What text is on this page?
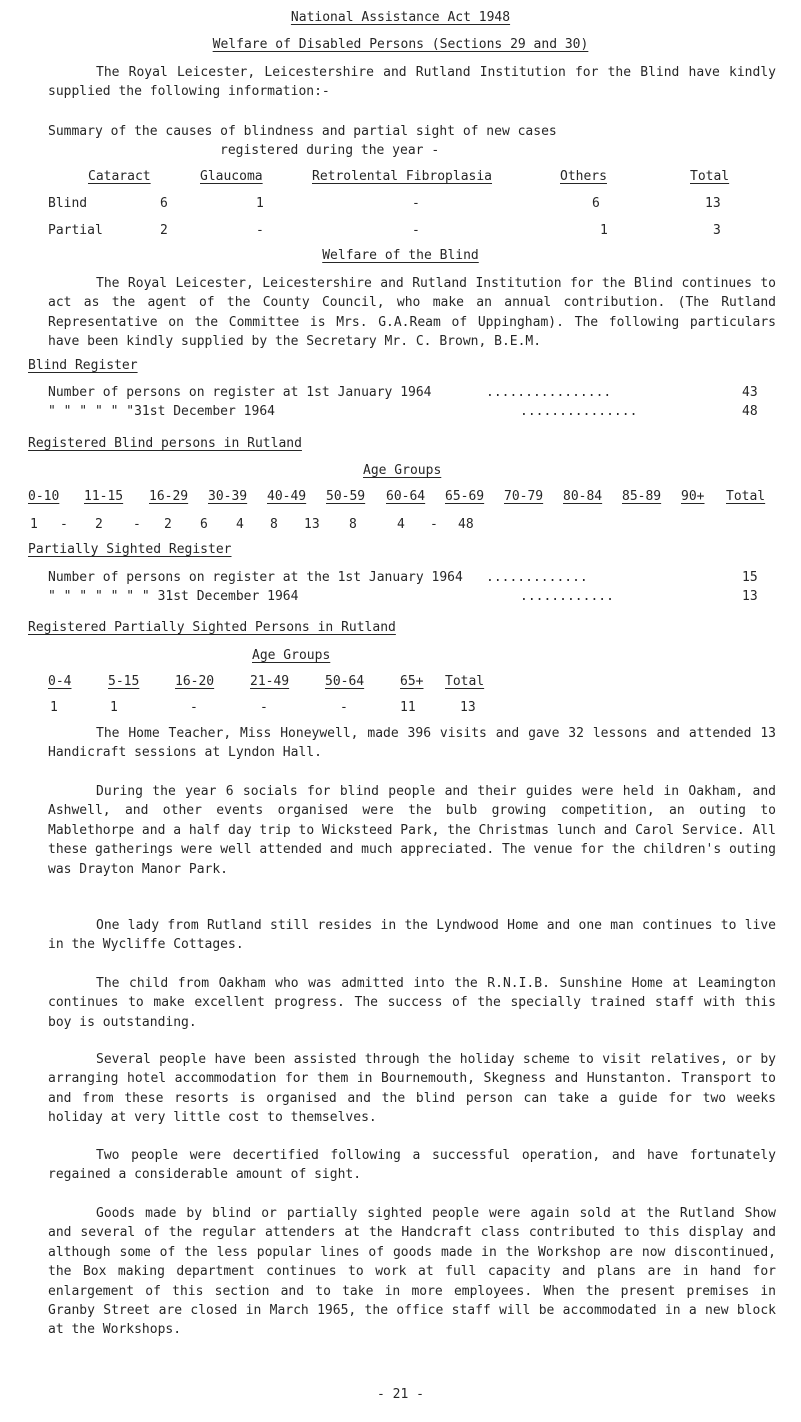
National Assistance Act 1948
Welfare of Disabled Persons (Sections 29 and 30)
The Royal Leicester, Leicestershire and Rutland Institution for the Blind have kindly supplied the following information:-
Summary of the causes of blindness and partial sight of new cases
registered during the year -
Cataract	Glaucoma	Retrolental Fibroplasia	Others	Total
Blind	6	1	-	6	13
Partial	2	-	-	1	3
Welfare of the Blind
The Royal Leicester, Leicestershire and Rutland Institution for the Blind continues to act as the agent of the County Council, who make an annual contribution. (The Rutland Representative on the Committee is Mrs. G.A.Ream of Uppingham). The following particulars have been kindly supplied by the Secretary Mr. C. Brown, B.E.M.
Blind Register
Number of persons on register at 1st January 1964	................	43
" " " " " "31st December 1964	...............	48
Registered Blind persons in Rutland
Age Groups
0-10 11-15 16-29 30-39 40-49 50-59 60-64 65-69 70-79 80-84 85-89 90+ Total
1 - 2 - 2 6 4 8 13 8	4 - 48
Partially Sighted Register
Number of persons on register at the 1st January 1964 .............	15
" " " " " " " 31st December 1964	............	13
Registered Partially Sighted Persons in Rutland
Age Groups
0-4	5-15	16-20	21-49	50-64	65+ Total
1	1	-	-	-	11	13
The Home Teacher, Miss Honeywell, made 396 visits and gave 32 lessons and attended 13 Handicraft sessions at Lyndon Hall.
During the year 6 socials for blind people and their guides were held in Oakham, and Ashwell, and other events organised were the bulb growing competition, an outing to Mablethorpe and a half day trip to Wicksteed Park, the Christmas lunch and Carol Service. All these gatherings were well attended and much appreciated. The venue for the children's outing was Drayton Manor Park.
One lady from Rutland still resides in the Lyndwood Home and one man continues to live in the Wycliffe Cottages.
The child from Oakham who was admitted into the R.N.I.B. Sunshine Home at Leamington continues to make excellent progress. The success of the specially trained staff with this boy is outstanding.
Several people have been assisted through the holiday scheme to visit relatives, or by arranging hotel accommodation for them in Bournemouth, Skegness and Hunstanton. Transport to and from these resorts is organised and the blind person can take a guide for two weeks holiday at very little cost to themselves.
Two people were decertified following a successful operation, and have fortunately regained a considerable amount of sight.
Goods made by blind or partially sighted people were again sold at the Rutland Show and several of the regular attenders at the Handcraft class contributed to this display and although some of the less popular lines of goods made in the Workshop are now discontinued, the Box making department continues to work at full capacity and plans are in hand for enlargement of this section and to take in more employees. When the present premises in Granby Street are closed in March 1965, the office staff will be accommodated in a new block at the Workshops.
- 21 -
